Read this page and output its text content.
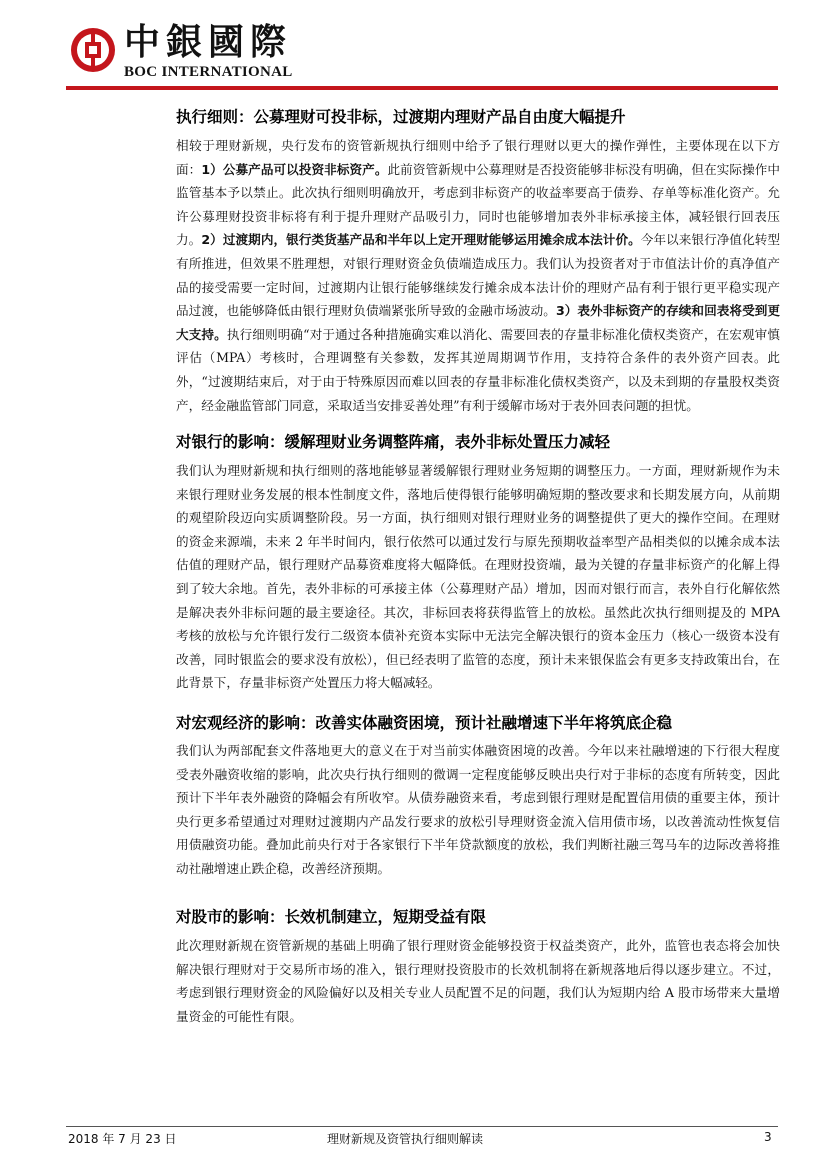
中銀國際
BOC INTERNATIONAL
执行细则：公募理财可投非标，过渡期内理财产品自由度大幅提升

相较于理财新规，央行发布的资管新规执行细则中给予了银行理财以更大的操作弹性，主要体现在以下方面：1）公募产品可以投资非标资产。此前资管新规中公募理财是否投资能够非标没有明确，但在实际操作中监管基本予以禁止。此次执行细则明确放开，考虑到非标资产的收益率要高于债券、存单等标准化资产。允许公募理财投资非标将有利于提升理财产品吸引力，同时也能够增加表外非标承接主体，减轻银行回表压力。2）过渡期内，银行类货基产品和半年以上定开理财能够运用摊余成本法计价。今年以来银行净值化转型有所推进，但效果不胜理想，对银行理财资金负债端造成压力。我们认为投资者对于市值法计价的真净值产品的接受需要一定时间，过渡期内让银行能够继续发行摊余成本法计价的理财产品有利于银行更平稳实现产品过渡，也能够降低由银行理财负债端紧张所导致的金融市场波动。3）表外非标资产的存续和回表将受到更大支持。执行细则明确“对于通过各种措施确实难以消化、需要回表的存量非标准化债权类资产，在宏观审慎评估（MPA）考核时，合理调整有关参数，发挥其逆周期调节作用，支持符合条件的表外资产回表。此外，“过渡期结束后，对于由于特殊原因而难以回表的存量非标准化债权类资产，以及未到期的存量股权类资产，经金融监管部门同意，采取适当安排妥善处理”有利于缓解市场对于表外回表问题的担忧。

对银行的影响：缓解理财业务调整阵痛，表外非标处置压力减轻

我们认为理财新规和执行细则的落地能够显著缓解银行理财业务短期的调整压力。一方面，理财新规作为未来银行理财业务发展的根本性制度文件，落地后使得银行能够明确短期的整改要求和长期发展方向，从前期的观望阶段迈向实质调整阶段。另一方面，执行细则对银行理财业务的调整提供了更大的操作空间。在理财的资金来源端，未来 2 年半时间内，银行依然可以通过发行与原先预期收益率型产品相类似的以摊余成本法估值的理财产品，银行理财产品募资难度将大幅降低。在理财投资端，最为关键的存量非标资产的化解上得到了较大余地。首先，表外非标的可承接主体（公募理财产品）增加，因而对银行而言，表外自行化解依然是解决表外非标问题的最主要途径。其次，非标回表将获得监管上的放松。虽然此次执行细则提及的 MPA 考核的放松与允许银行发行二级资本债补充资本实际中无法完全解决银行的资本金压力（核心一级资本没有改善，同时银监会的要求没有放松），但已经表明了监管的态度，预计未来银保监会有更多支持政策出台，在此背景下，存量非标资产处置压力将大幅减轻。

对宏观经济的影响：改善实体融资困境，预计社融增速下半年将筑底企稳

我们认为两部配套文件落地更大的意义在于对当前实体融资困境的改善。今年以来社融增速的下行很大程度受表外融资收缩的影响，此次央行执行细则的微调一定程度能够反映出央行对于非标的态度有所转变，因此预计下半年表外融资的降幅会有所收窄。从债券融资来看，考虑到银行理财是配置信用债的重要主体，预计央行更多希望通过对理财过渡期内产品发行要求的放松引导理财资金流入信用债市场，以改善流动性恢复信用债融资功能。叠加此前央行对于各家银行下半年贷款额度的放松，我们判断社融三驾马车的边际改善将推动社融增速止跌企稳，改善经济预期。

对股市的影响：长效机制建立，短期受益有限

此次理财新规在资管新规的基础上明确了银行理财资金能够投资于权益类资产，此外，监管也表态将会加快解决银行理财对于交易所市场的准入，银行理财投资股市的长效机制将在新规落地后得以逐步建立。不过，考虑到银行理财资金的风险偏好以及相关专业人员配置不足的问题，我们认为短期内给 A 股市场带来大量增量资金的可能性有限。

2018 年 7 月 23 日	理财新规及资管执行细则解读	3
